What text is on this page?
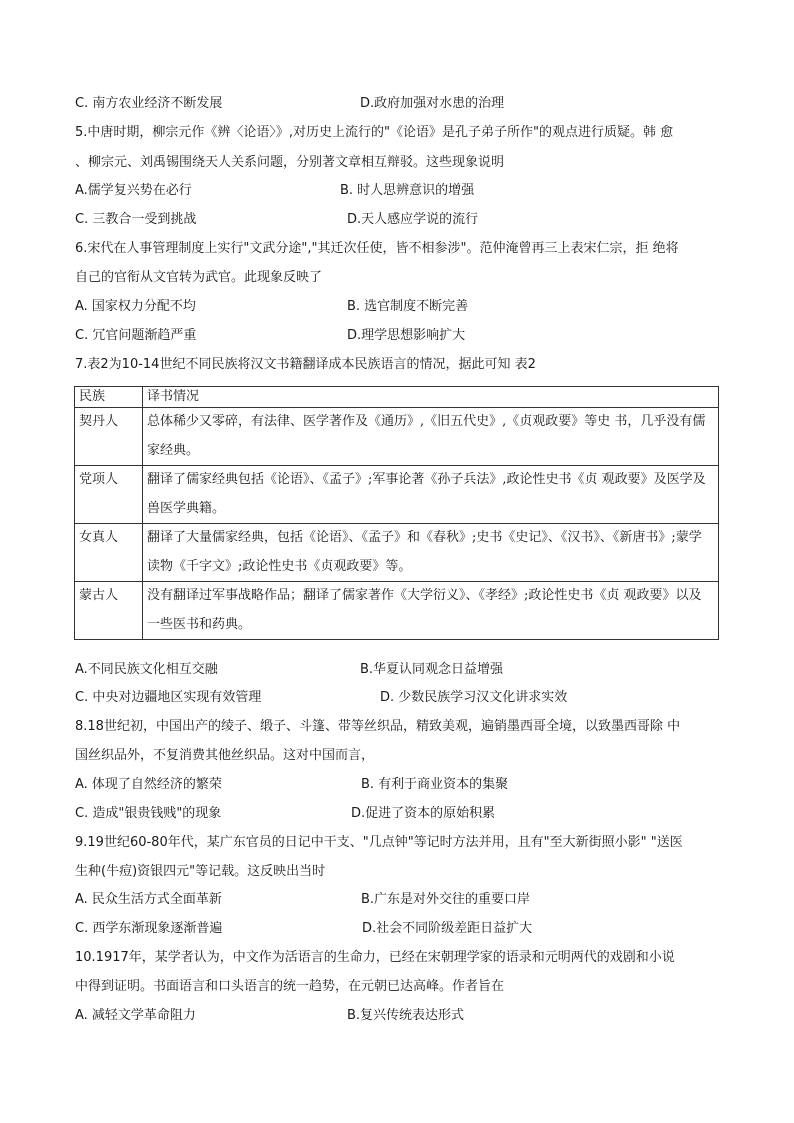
C. 南方农业经济不断发展	D.政府加强对水患的治理
5.中唐时期，柳宗元作《辨〈论语〉》,对历史上流行的"《论语》是孔子弟子所作"的观点进行质疑。韩 愈
、柳宗元、刘禹锡围绕天人关系问题，分别著文章相互辩驳。这些现象说明
A.儒学复兴势在必行	B. 时人思辨意识的增强
C. 三教合一受到挑战	D.天人感应学说的流行
6.宋代在人事管理制度上实行"文武分途","其迁次任使，皆不相参涉"。范仲淹曾再三上表宋仁宗，拒 绝将
自己的官衔从文官转为武官。此现象反映了
A. 国家权力分配不均	B. 选官制度不断完善
C. 冗官问题渐趋严重	D.理学思想影响扩大
7.表2为10-14世纪不同民族将汉文书籍翻译成本民族语言的情况，据此可知 表2
A.不同民族文化相互交融	B.华夏认同观念日益增强
C. 中央对边疆地区实现有效管理	D. 少数民族学习汉文化讲求实效
8.18世纪初，中国出产的绫子、缎子、斗篷、带等丝织品，精致美观，遍销墨西哥全境，以致墨西哥除 中
国丝织品外，不复消费其他丝织品。这对中国而言，
A. 体现了自然经济的繁荣	B. 有利于商业资本的集聚
C. 造成"银贵钱贱"的现象	D.促进了资本的原始积累
9.19世纪60-80年代，某广东官员的日记中干支、"几点钟"等记时方法并用，且有"至大新街照小影" "送医
生种(牛痘)资银四元"等记载。这反映出当时
A. 民众生活方式全面革新	B.广东是对外交往的重要口岸
C. 西学东渐现象逐渐普遍	D.社会不同阶级差距日益扩大
10.1917年，某学者认为，中文作为活语言的生命力，已经在宋朝理学家的语录和元明两代的戏剧和小说
中得到证明。书面语言和口头语言的统一趋势，在元朝已达高峰。作者旨在
A. 减轻文学革命阻力	B.复兴传统表达形式
民族	译书情况
契丹人	总体稀少又零碎，有法律、医学著作及《通历》,《旧五代史》,《贞观政要》等史 书，几乎没有儒家经典。

党项人	翻译了儒家经典包括《论语》、《孟子》;军事论著《孙子兵法》,政论性史书《贞 观政要》及医学及兽医学典籍。

女真人	翻译了大量儒家经典，包括《论语》、《孟子》和《春秋》;史书《史记》、《汉书》、《新唐书》;蒙学读物《千字文》;政论性史书《贞观政要》等。

蒙古人	没有翻译过军事战略作品；翻译了儒家著作《大学衍义》、《孝经》;政论性史书《贞 观政要》以及一些医书和药典。
